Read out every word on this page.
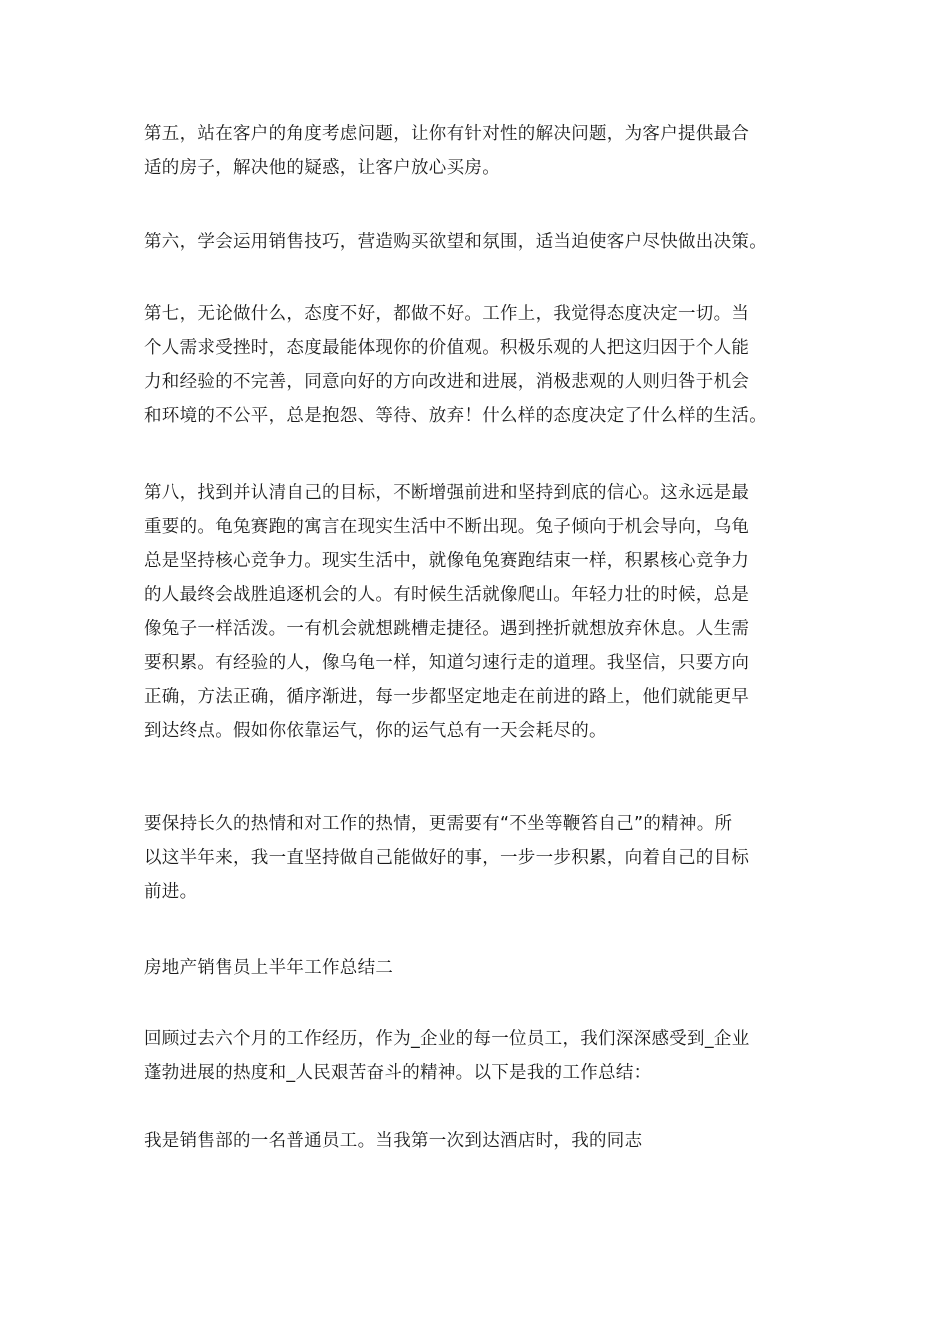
第五，站在客户的角度考虑问题，让你有针对性的解决问题，为客户提供最合
适的房子，解决他的疑惑，让客户放心买房。
第六，学会运用销售技巧，营造购买欲望和氛围，适当迫使客户尽快做出决策。
第七，无论做什么，态度不好，都做不好。工作上，我觉得态度决定一切。当
个人需求受挫时，态度最能体现你的价值观。积极乐观的人把这归因于个人能
力和经验的不完善，同意向好的方向改进和进展，消极悲观的人则归咎于机会
和环境的不公平，总是抱怨、等待、放弃！什么样的态度决定了什么样的生活。
第八，找到并认清自己的目标，不断增强前进和坚持到底的信心。这永远是最
重要的。龟兔赛跑的寓言在现实生活中不断出现。兔子倾向于机会导向，乌龟
总是坚持核心竞争力。现实生活中，就像龟兔赛跑结束一样，积累核心竞争力
的人最终会战胜追逐机会的人。有时候生活就像爬山。年轻力壮的时候，总是
像兔子一样活泼。一有机会就想跳槽走捷径。遇到挫折就想放弃休息。人生需
要积累。有经验的人，像乌龟一样，知道匀速行走的道理。我坚信，只要方向
正确，方法正确，循序渐进，每一步都坚定地走在前进的路上，他们就能更早
到达终点。假如你依靠运气，你的运气总有一天会耗尽的。
要保持长久的热情和对工作的热情，更需要有“不坐等鞭笞自己”的精神。所
以这半年来，我一直坚持做自己能做好的事，一步一步积累，向着自己的目标
前进。
房地产销售员上半年工作总结二
回顾过去六个月的工作经历，作为_企业的每一位员工，我们深深感受到_企业
蓬勃进展的热度和_人民艰苦奋斗的精神。以下是我的工作总结：
我是销售部的一名普通员工。当我第一次到达酒店时，我的同志
